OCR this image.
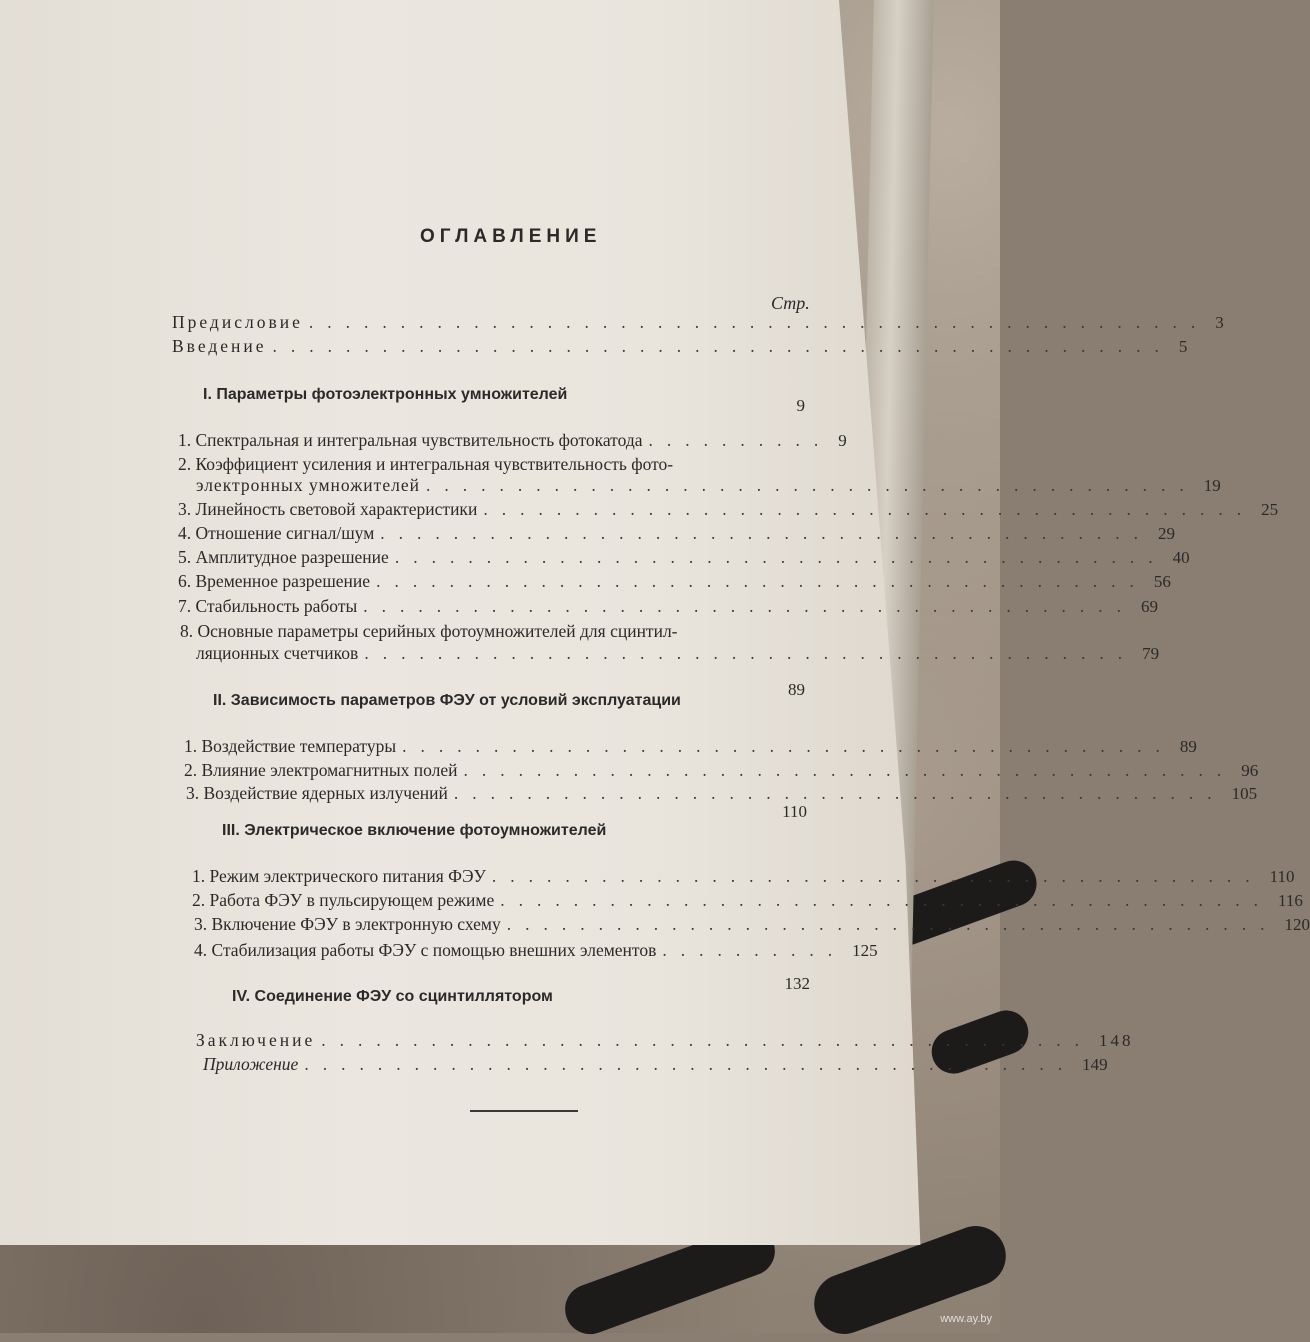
ОГЛАВЛЕНИЕ
Стр.
Предисловие ................................................. 3
Введение ................................................. 5
I. Параметры фотоэлектронных умножителей
9
1. Спектральная и интегральная чувствительность фотокатода .......... 9
2. Коэффициент усиления и интегральная чувствительность фото-
электронных умножителей .......................................... 19
3. Линейность световой характеристики .......................................... 25
4. Отношение сигнал/шум .......................................... 29
5. Амплитудное разрешение .......................................... 40
6. Временное разрешение .......................................... 56
7. Стабильность работы .......................................... 69
8. Основные параметры серийных фотоумножителей для сцинтил-
ляционных счетчиков .......................................... 79
II. Зависимость параметров ФЭУ от условий эксплуатации
89
1. Воздействие температуры .......................................... 89
2. Влияние электромагнитных полей .......................................... 96
3. Воздействие ядерных излучений .......................................... 105
III. Электрическое включение фотоумножителей
110
1. Режим электрического питания ФЭУ .......................................... 110
2. Работа ФЭУ в пульсирующем режиме .......................................... 116
3. Включение ФЭУ в электронную схему .......................................... 120
4. Стабилизация работы ФЭУ с помощью внешних элементов .......... 125
IV. Соединение ФЭУ со сцинтиллятором
132
Заключение .......................................... 148
Приложение .......................................... 149
www.ay.by
